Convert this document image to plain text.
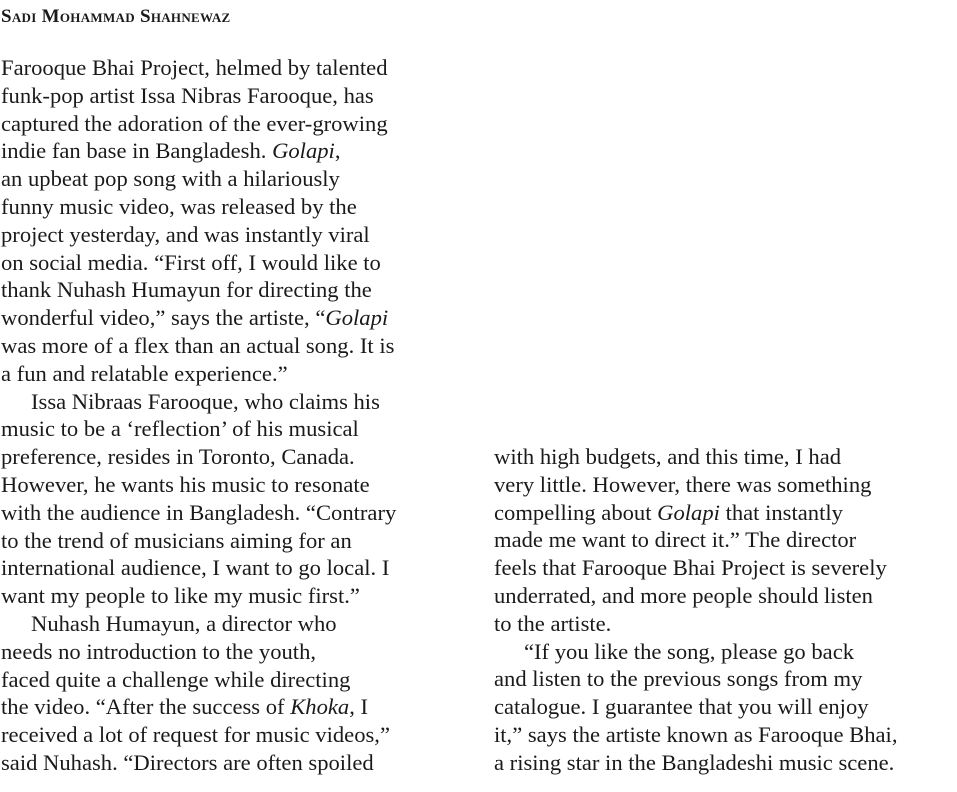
Sadi Mohammad Shahnewaz
Farooque Bhai Project, helmed by talented
funk-pop artist Issa Nibras Farooque, has
captured the adoration of the ever-growing
indie fan base in Bangladesh. Golapi,
an upbeat pop song with a hilariously
funny music video, was released by the
project yesterday, and was instantly viral
on social media. “First off, I would like to
thank Nuhash Humayun for directing the
wonderful video,” says the artiste, “Golapi
was more of a flex than an actual song. It is
a fun and relatable experience.”
Issa Nibraas Farooque, who claims his
music to be a ‘reflection’ of his musical
preference, resides in Toronto, Canada.
However, he wants his music to resonate
with the audience in Bangladesh. “Contrary
to the trend of musicians aiming for an
international audience, I want to go local. I
want my people to like my music first.”
Nuhash Humayun, a director who
needs no introduction to the youth,
faced quite a challenge while directing
the video. “After the success of Khoka, I
received a lot of request for music videos,”
said Nuhash. “Directors are often spoiled
with high budgets, and this time, I had
very little. However, there was something
compelling about Golapi that instantly
made me want to direct it.” The director
feels that Farooque Bhai Project is severely
underrated, and more people should listen
to the artiste.
“If you like the song, please go back
and listen to the previous songs from my
catalogue. I guarantee that you will enjoy
it,” says the artiste known as Farooque Bhai,
a rising star in the Bangladeshi music scene.
